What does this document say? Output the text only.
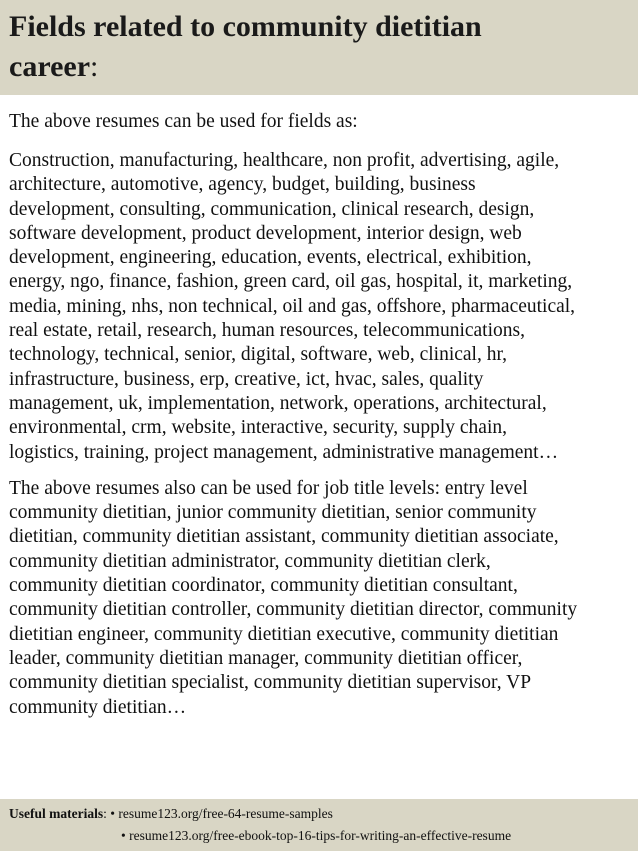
Fields related to community dietitian
career:

The above resumes can be used for fields as:

Construction, manufacturing, healthcare, non profit, advertising, agile,
architecture, automotive, agency, budget, building, business
development, consulting, communication, clinical research, design,
software development, product development, interior design, web
development, engineering, education, events, electrical, exhibition,
energy, ngo, finance, fashion, green card, oil gas, hospital, it, marketing,
media, mining, nhs, non technical, oil and gas, offshore, pharmaceutical,
real estate, retail, research, human resources, telecommunications,
technology, technical, senior, digital, software, web, clinical, hr,
infrastructure, business, erp, creative, ict, hvac, sales, quality
management, uk, implementation, network, operations, architectural,
environmental, crm, website, interactive, security, supply chain,
logistics, training, project management, administrative management…

The above resumes also can be used for job title levels: entry level
community dietitian, junior community dietitian, senior community
dietitian, community dietitian assistant, community dietitian associate,
community dietitian administrator, community dietitian clerk,
community dietitian coordinator, community dietitian consultant,
community dietitian controller, community dietitian director, community
dietitian engineer, community dietitian executive, community dietitian
leader, community dietitian manager, community dietitian officer,
community dietitian specialist, community dietitian supervisor, VP
community dietitian…

Useful materials: • resume123.org/free-64-resume-samples
• resume123.org/free-ebook-top-16-tips-for-writing-an-effective-resume
